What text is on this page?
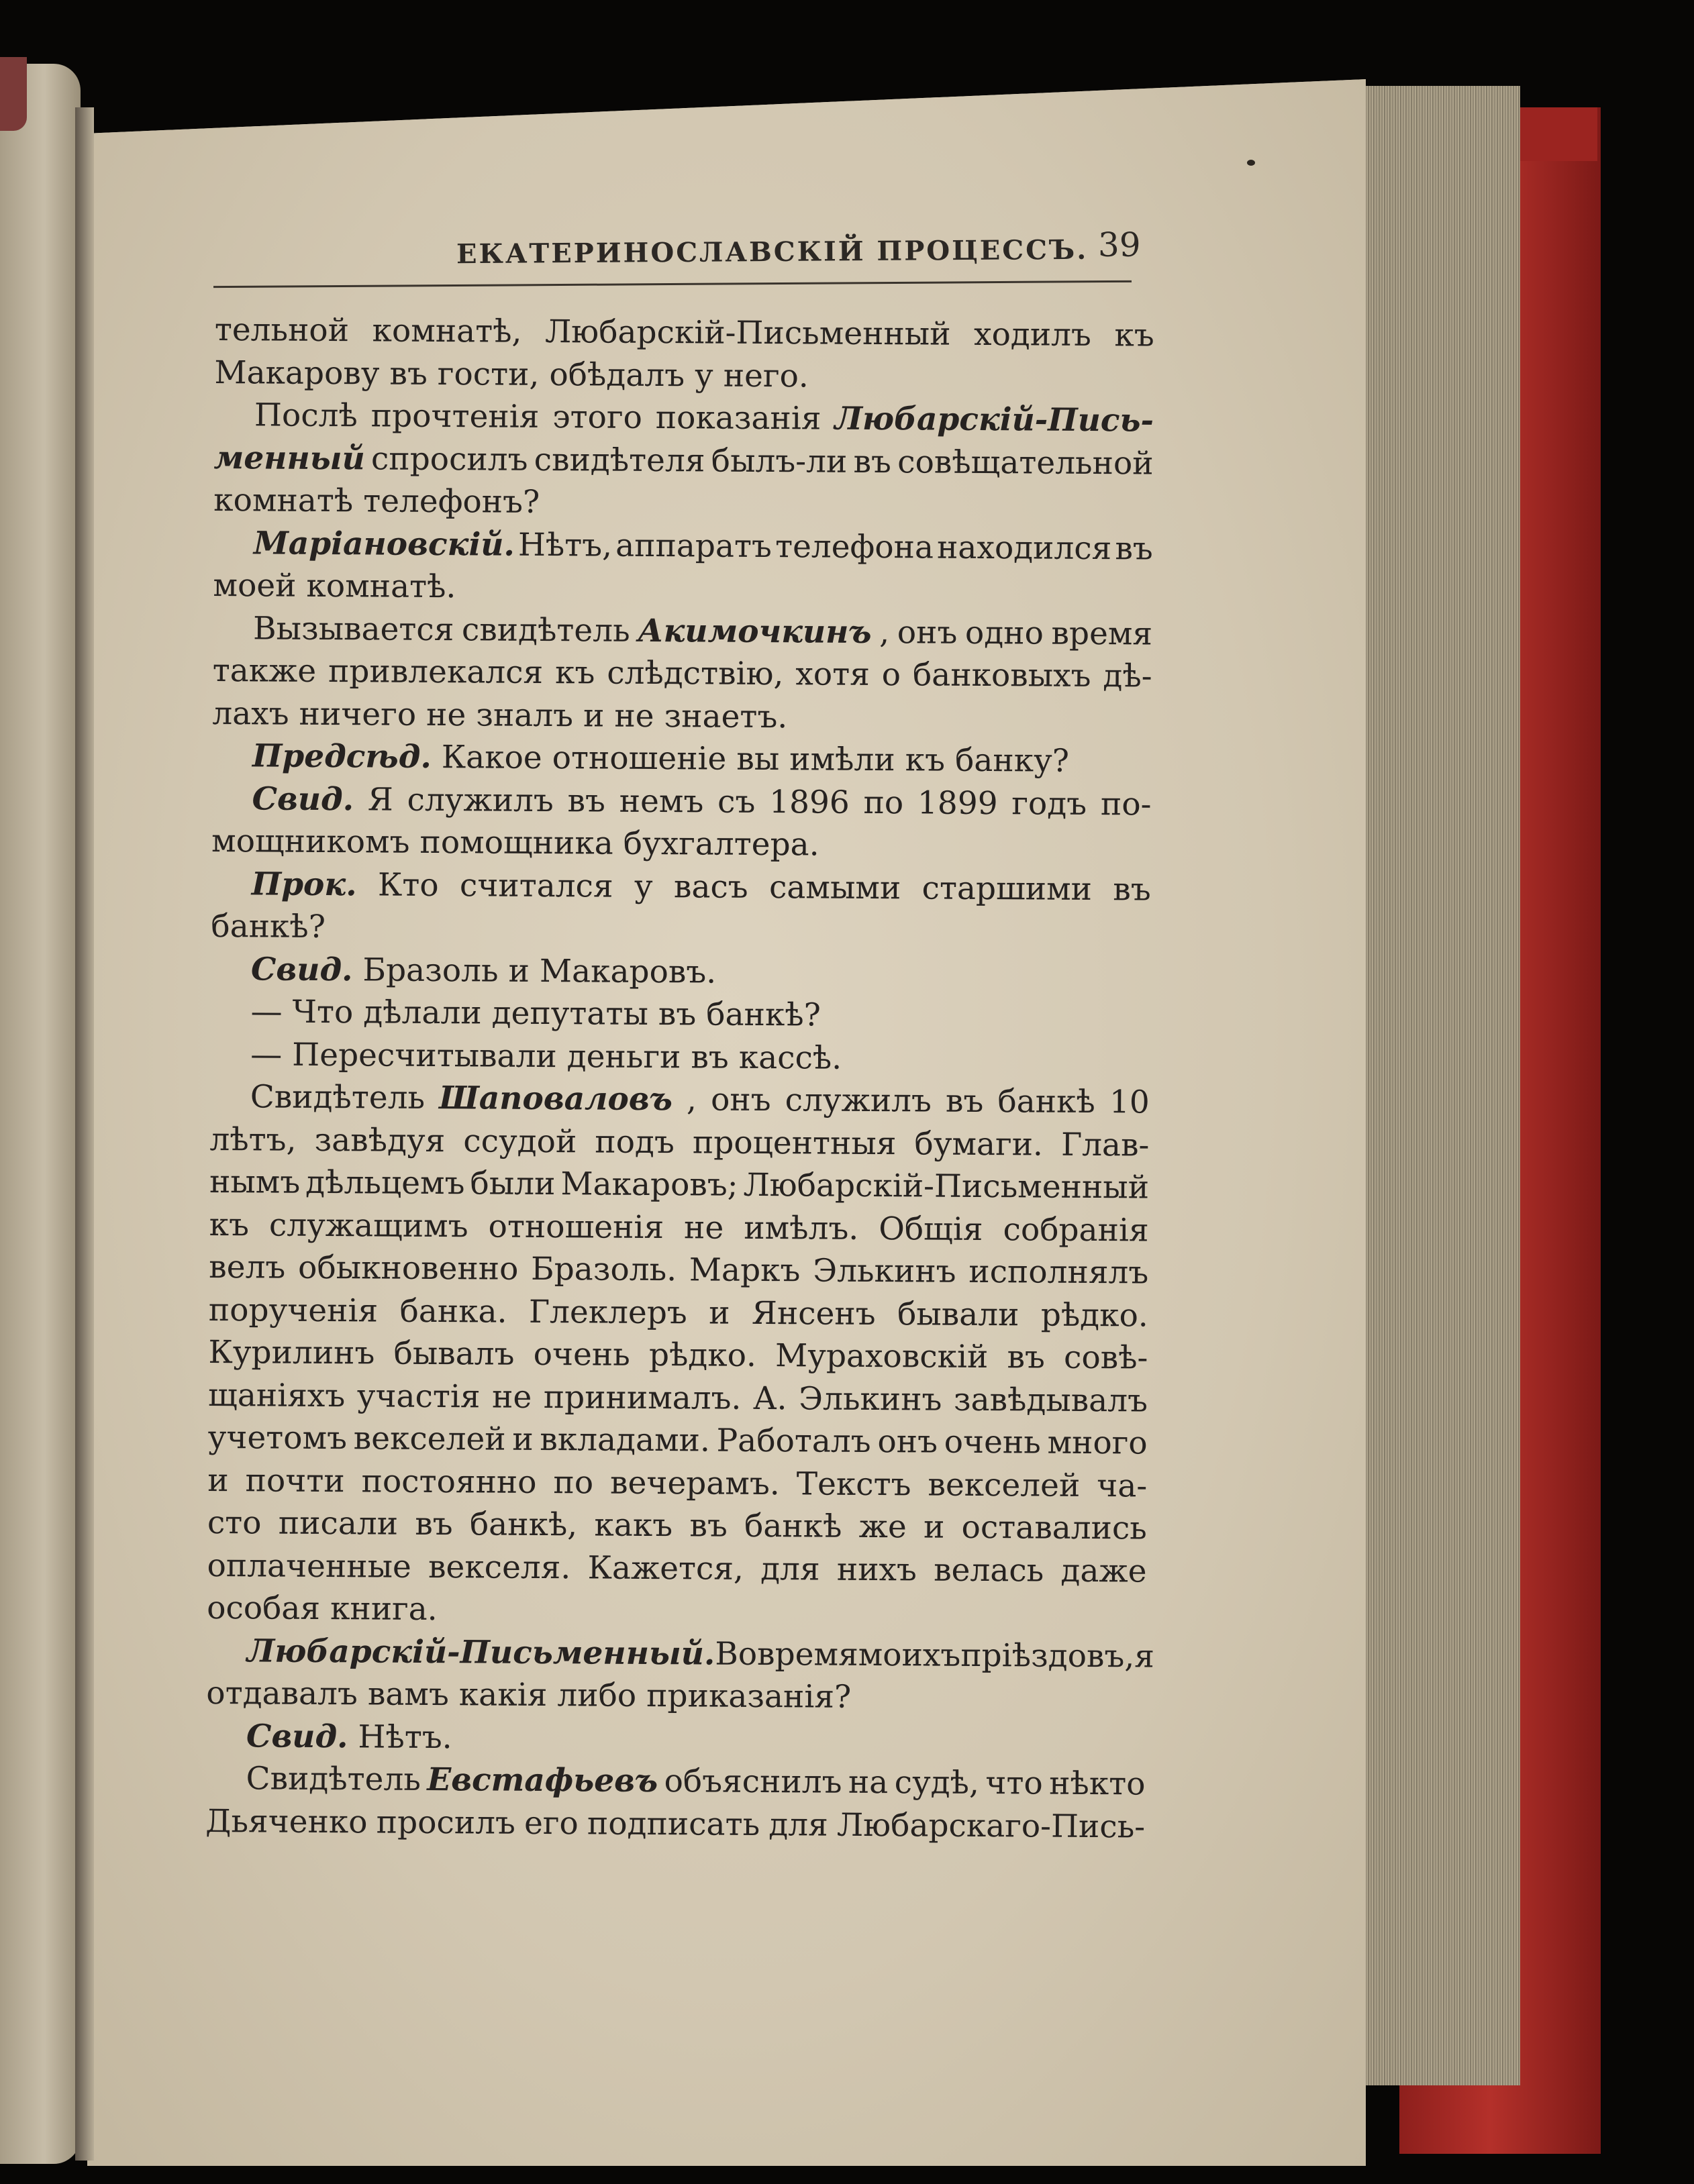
ЕКАТЕРИНОСЛАВСКІЙ ПРОЦЕССЪ. 39
тельной комнатѣ, Любарскій-Письменный ходилъ къ
Макарову въ гости, обѣдалъ у него.
Послѣ прочтенія этого показанія Любарскій-Пись-
менный спросилъ свидѣтеля былъ-ли въ совѣщательной
комнатѣ телефонъ?
Маріановскій. Нѣтъ, аппаратъ телефона находился въ
моей комнатѣ.
Вызывается свидѣтель Акимочкинъ , онъ одно время
также привлекался къ слѣдствію, хотя о банковыхъ дѣ-
лахъ ничего не зналъ и не знаетъ.
Предсѣд. Какое отношеніе вы имѣли къ банку?
Свид. Я служилъ въ немъ съ 1896 по 1899 годъ по-
мощникомъ помощника бухгалтера.
Прок. Кто считался у васъ самыми старшими въ
банкѣ?
Свид. Бразоль и Макаровъ.
— Что дѣлали депутаты въ банкѣ?
— Пересчитывали деньги въ кассѣ.
Свидѣтель Шаповаловъ , онъ служилъ въ банкѣ 10
лѣтъ, завѣдуя ссудой подъ процентныя бумаги. Глав-
нымъ дѣльцемъ были Макаровъ; Любарскій-Письменный
къ служащимъ отношенія не имѣлъ. Общія собранія
велъ обыкновенно Бразоль. Маркъ Элькинъ исполнялъ
порученія банка. Глеклеръ и Янсенъ бывали рѣдко.
Курилинъ бывалъ очень рѣдко. Мураховскій въ совѣ-
щаніяхъ участія не принималъ. А. Элькинъ завѣдывалъ
учетомъ векселей и вкладами. Работалъ онъ очень много
и почти постоянно по вечерамъ. Текстъ векселей ча-
сто писали въ банкѣ, какъ въ банкѣ же и оставались
оплаченные векселя. Кажется, для нихъ велась даже
особая книга.
Любарскій-Письменный. Во время моихъ пріѣздовъ, я
отдавалъ вамъ какія либо приказанія?
Свид. Нѣтъ.
Свидѣтель Евстафьевъ объяснилъ на судѣ, что нѣкто
Дьяченко просилъ его подписать для Любарскаго-Пись-
